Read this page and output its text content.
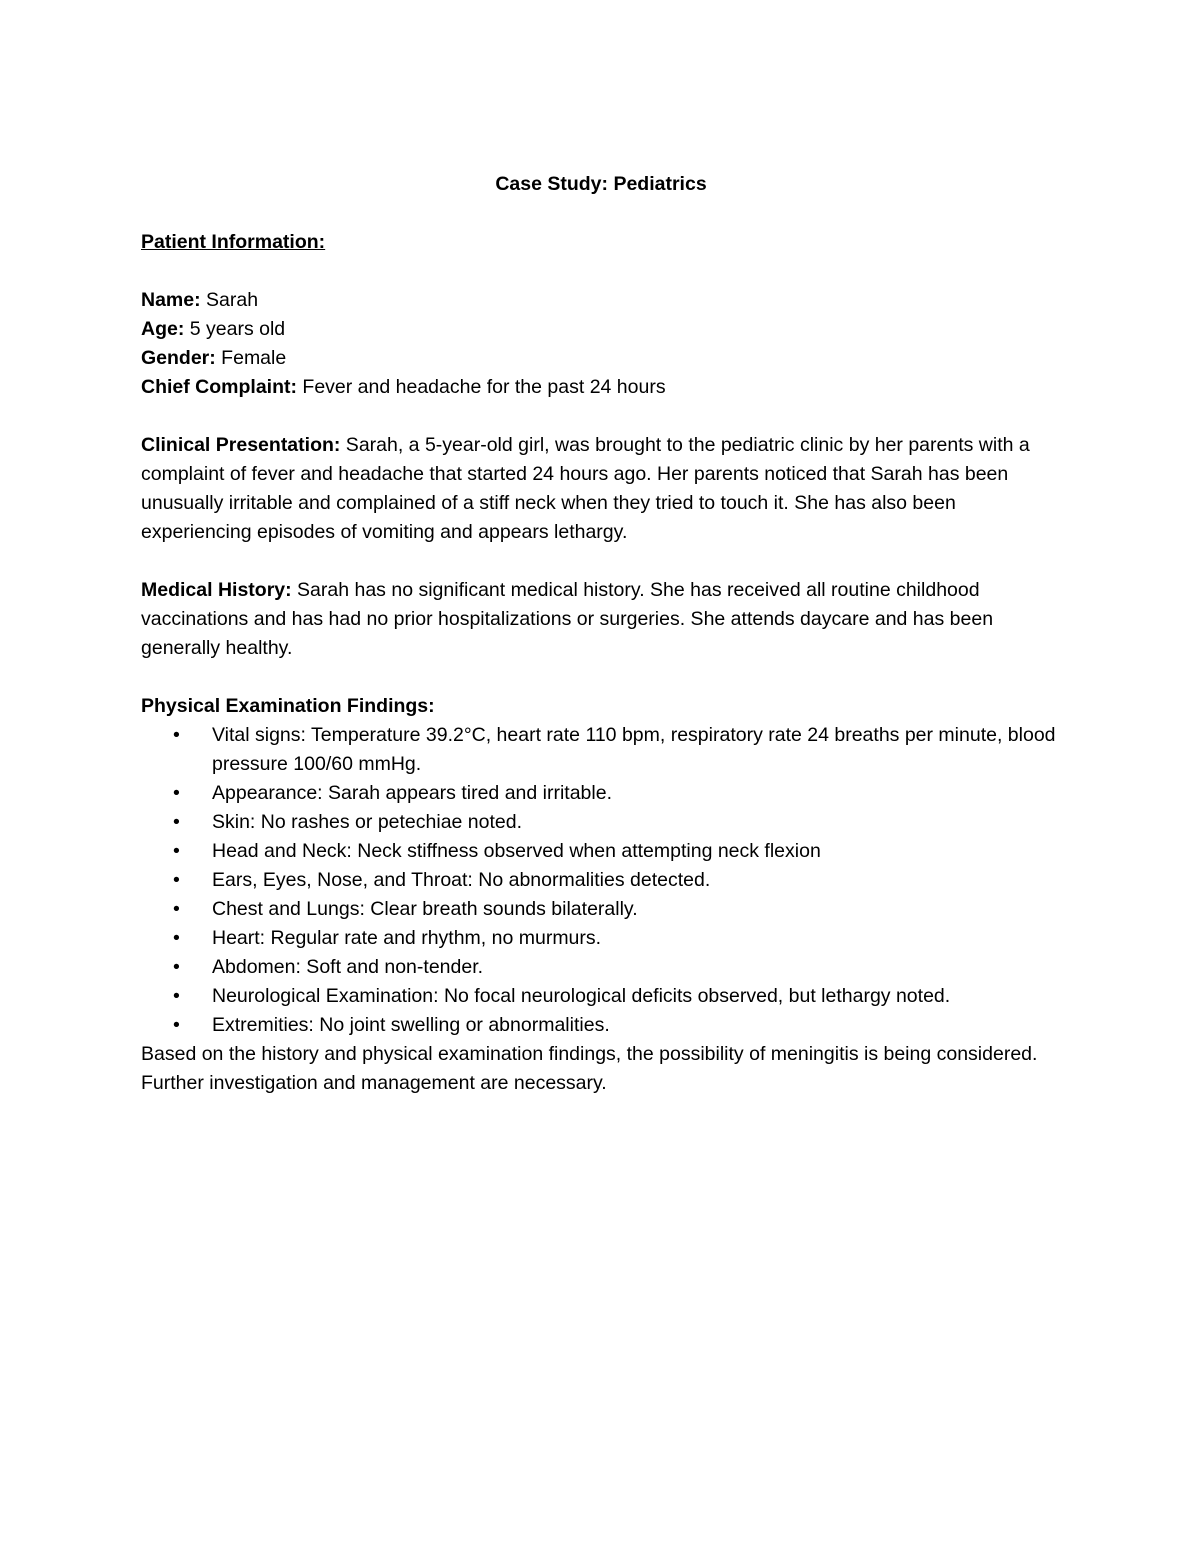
Case Study: Pediatrics

Patient Information:

Name: Sarah

Age: 5 years old

Gender: Female

Chief Complaint: Fever and headache for the past 24 hours

Clinical Presentation: Sarah, a 5-year-old girl, was brought to the pediatric clinic by her parents with a complaint of fever and headache that started 24 hours ago. Her parents noticed that Sarah has been unusually irritable and complained of a stiff neck when they tried to touch it. She has also been experiencing episodes of vomiting and appears lethargy.

Medical History: Sarah has no significant medical history. She has received all routine childhood vaccinations and has had no prior hospitalizations or surgeries. She attends daycare and has been generally healthy.

Physical Examination Findings:

• Vital signs: Temperature 39.2°C, heart rate 110 bpm, respiratory rate 24 breaths per minute, blood pressure 100/60 mmHg.
• Appearance: Sarah appears tired and irritable.
• Skin: No rashes or petechiae noted.
• Head and Neck: Neck stiffness observed when attempting neck flexion
• Ears, Eyes, Nose, and Throat: No abnormalities detected.
• Chest and Lungs: Clear breath sounds bilaterally.
• Heart: Regular rate and rhythm, no murmurs.
• Abdomen: Soft and non-tender.
• Neurological Examination: No focal neurological deficits observed, but lethargy noted.
• Extremities: No joint swelling or abnormalities.

Based on the history and physical examination findings, the possibility of meningitis is being considered. Further investigation and management are necessary.
